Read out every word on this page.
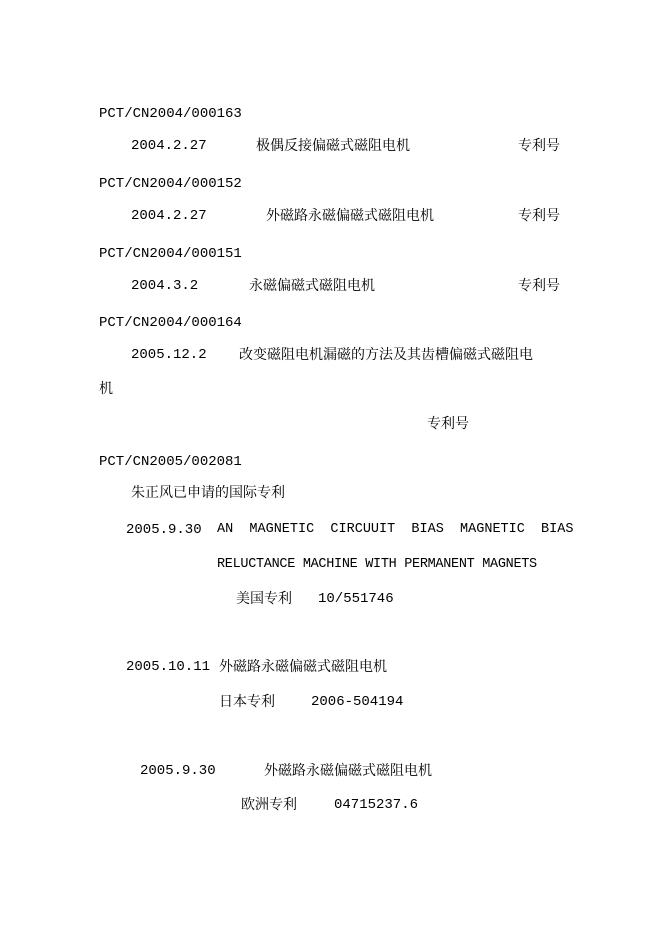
PCT/CN2004/000163
2004.2.27	极偶反接偏磁式磁阻电机	专利号
PCT/CN2004/000152
2004.2.27	外磁路永磁偏磁式磁阻电机	专利号
PCT/CN2004/000151
2004.3.2	永磁偏磁式磁阻电机	专利号
PCT/CN2004/000164
2005.12.2 改变磁阻电机漏磁的方法及其齿槽偏磁式磁阻电
机
专利号
PCT/CN2005/002081
朱正风已申请的国际专利
2005.9.30 AN  MAGNETIC  CIRCUUIT  BIAS  MAGNETIC  BIAS
RELUCTANCE MACHINE WITH PERMANENT MAGNETS
美国专利 10/551746
2005.10.11 外磁路永磁偏磁式磁阻电机
日本专利	2006-504194
2005.9.30	外磁路永磁偏磁式磁阻电机
欧洲专利	04715237.6
